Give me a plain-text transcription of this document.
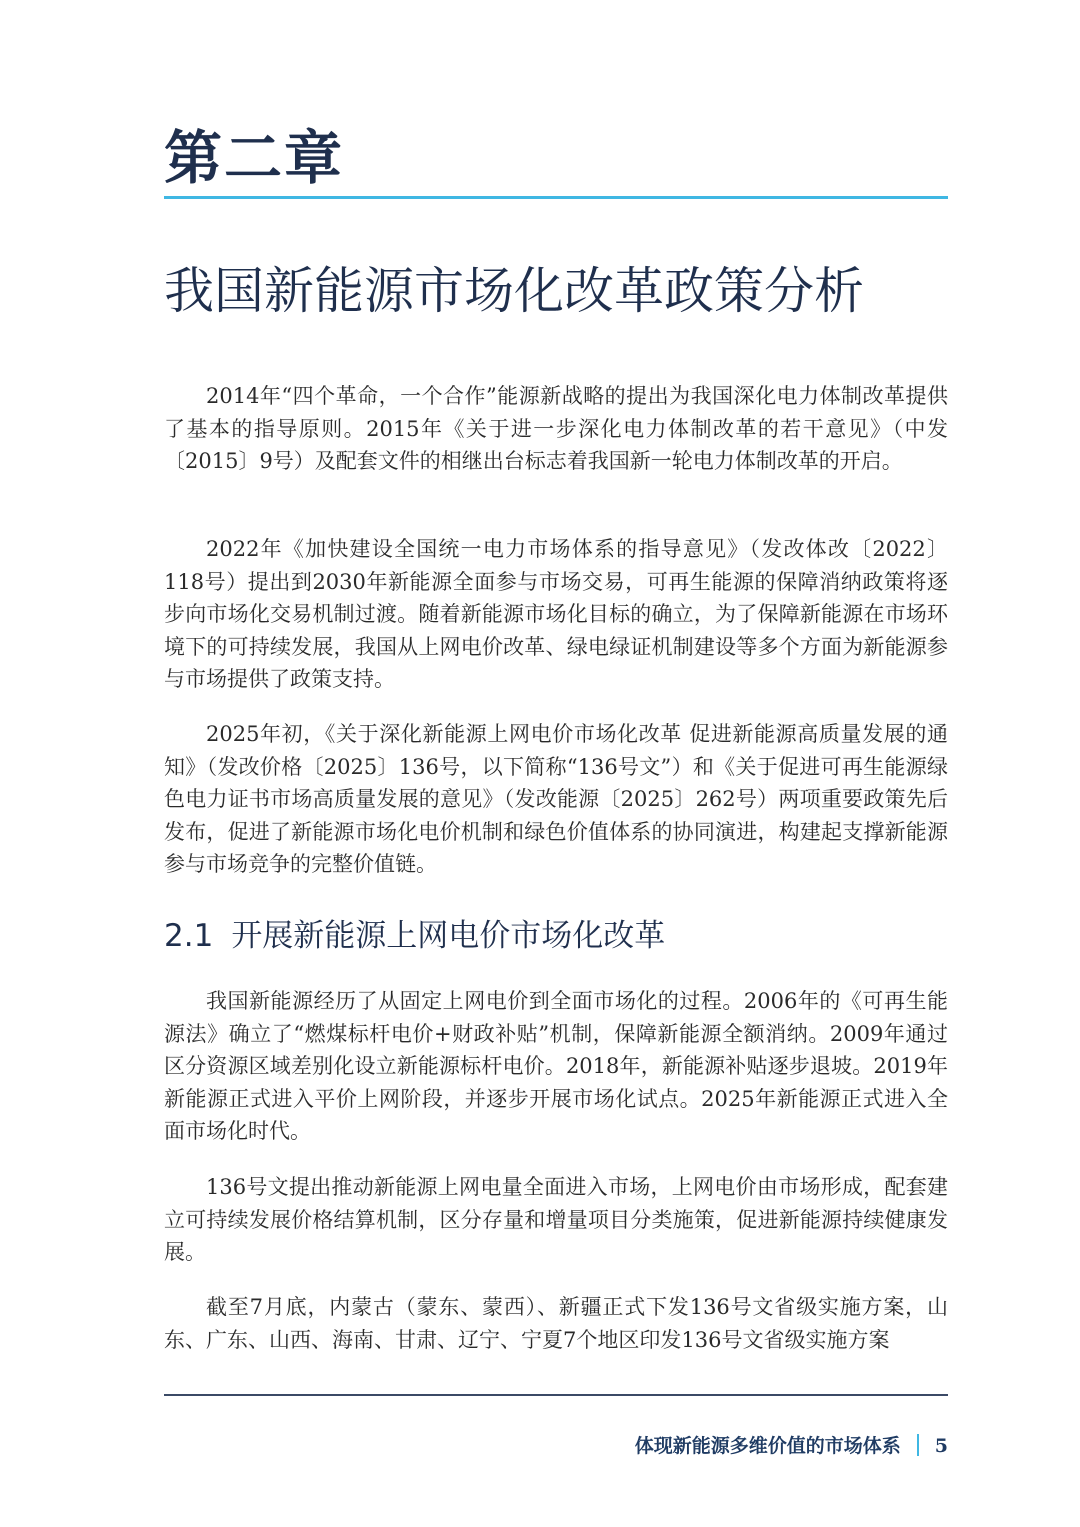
第二章
我国新能源市场化改革政策分析

2014年“四个革命，一个合作”能源新战略的提出为我国深化电力体制改革提供了基本的指导原则。2015年《关于进一步深化电力体制改革的若干意见》（中发〔2015〕9号）及配套文件的相继出台标志着我国新一轮电力体制改革的开启。

2022年《加快建设全国统一电力市场体系的指导意见》（发改体改〔2022〕118号）提出到2030年新能源全面参与市场交易，可再生能源的保障消纳政策将逐步向市场化交易机制过渡。随着新能源市场化目标的确立，为了保障新能源在市场环境下的可持续发展，我国从上网电价改革、绿电绿证机制建设等多个方面为新能源参与市场提供了政策支持。

2025年初，《关于深化新能源上网电价市场化改革 促进新能源高质量发展的通知》（发改价格〔2025〕136号，以下简称“136号文”）和《关于促进可再生能源绿色电力证书市场高质量发展的意见》（发改能源〔2025〕262号）两项重要政策先后发布，促进了新能源市场化电价机制和绿色价值体系的协同演进，构建起支撑新能源参与市场竞争的完整价值链。

2.1 开展新能源上网电价市场化改革

我国新能源经历了从固定上网电价到全面市场化的过程。2006年的《可再生能源法》确立了“燃煤标杆电价+财政补贴”机制，保障新能源全额消纳。2009年通过区分资源区域差别化设立新能源标杆电价。2018年，新能源补贴逐步退坡。2019年新能源正式进入平价上网阶段，并逐步开展市场化试点。2025年新能源正式进入全面市场化时代。

136号文提出推动新能源上网电量全面进入市场，上网电价由市场形成，配套建立可持续发展价格结算机制，区分存量和增量项目分类施策，促进新能源持续健康发展。

截至7月底，内蒙古（蒙东、蒙西）、新疆正式下发136号文省级实施方案，山东、广东、山西、海南、甘肃、辽宁、宁夏7个地区印发136号文省级实施方案

体现新能源多维价值的市场体系 5
